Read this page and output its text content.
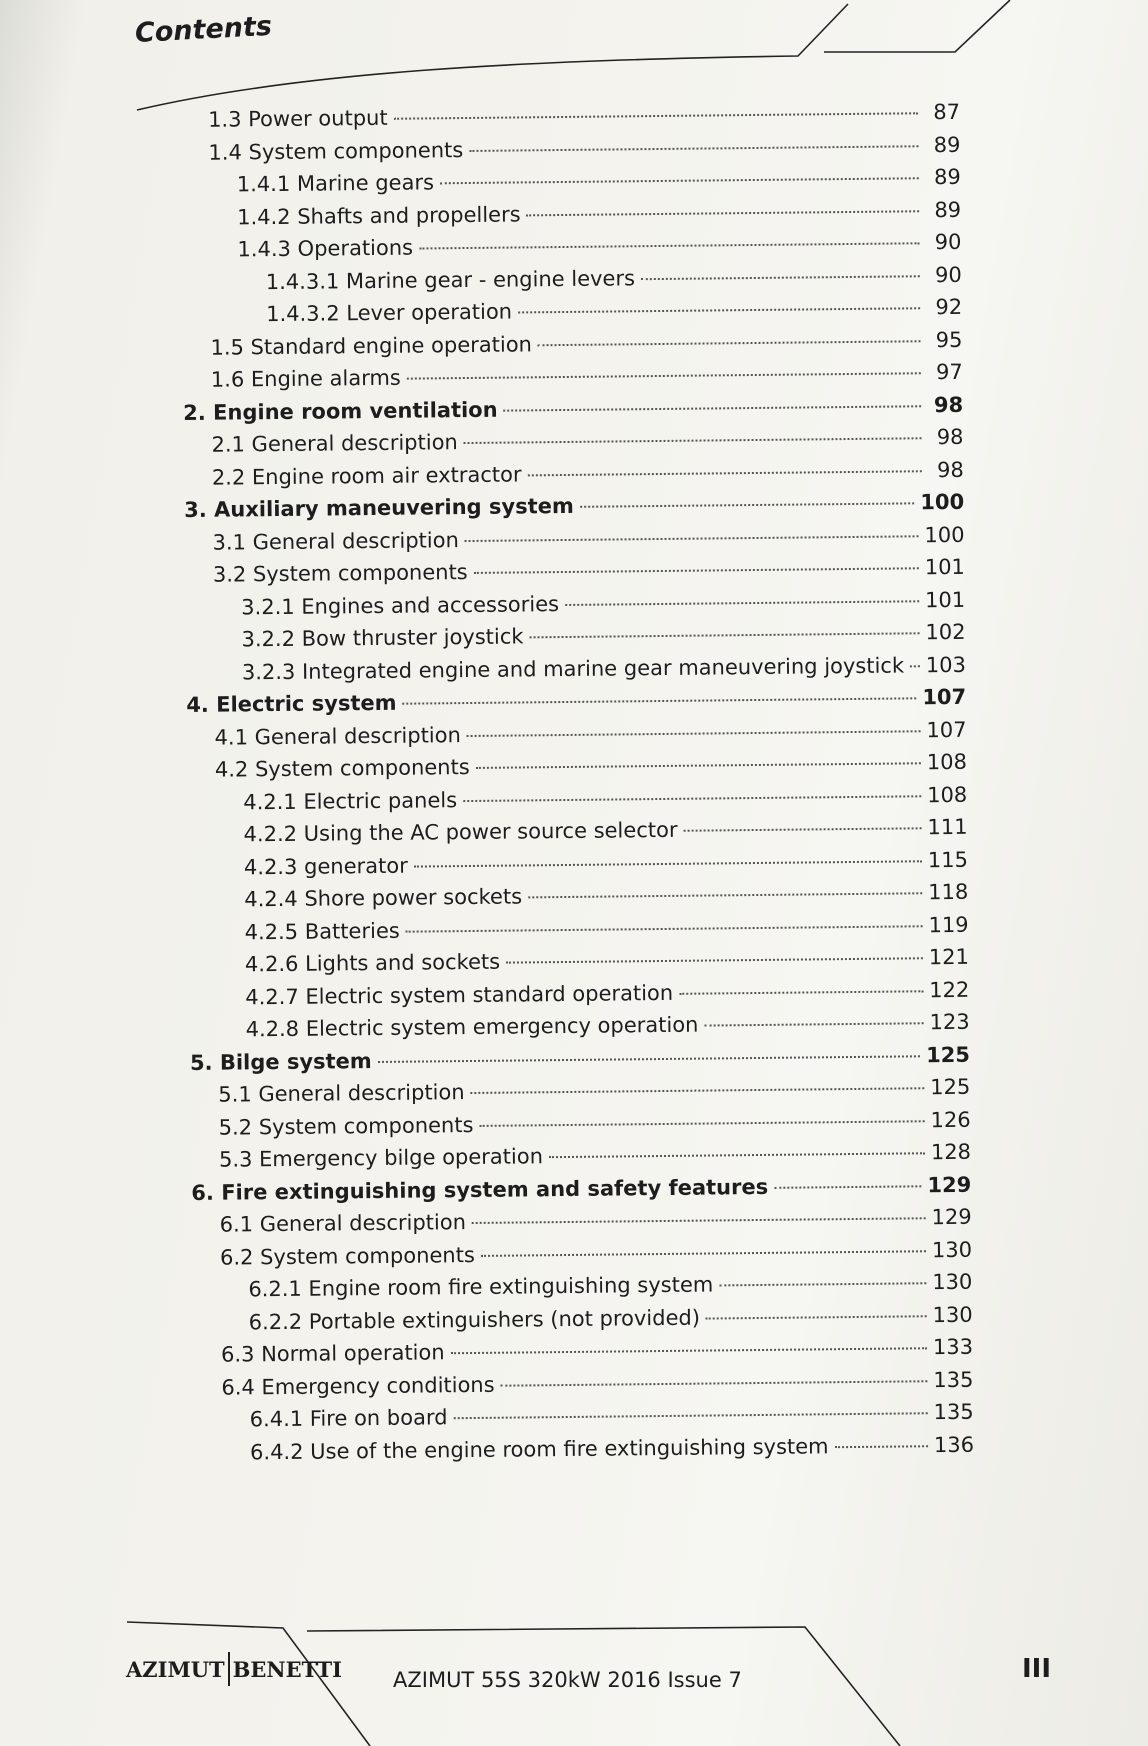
Contents
1.3 Power output	87
1.4 System components	89
1.4.1 Marine gears	89
1.4.2 Shafts and propellers	89
1.4.3 Operations	90
1.4.3.1 Marine gear - engine levers	90
1.4.3.2 Lever operation	92
1.5 Standard engine operation	95
1.6 Engine alarms	97
2. Engine room ventilation	98
2.1 General description	98
2.2 Engine room air extractor	98
3. Auxiliary maneuvering system	100
3.1 General description	100
3.2 System components	101
3.2.1 Engines and accessories	101
3.2.2 Bow thruster joystick	102
3.2.3 Integrated engine and marine gear maneuvering joystick 103
4. Electric system	107
4.1 General description	107
4.2 System components	108
4.2.1 Electric panels	108
4.2.2 Using the AC power source selector	111
4.2.3 generator	115
4.2.4 Shore power sockets	118
4.2.5 Batteries	119
4.2.6 Lights and sockets	121
4.2.7 Electric system standard operation	122
4.2.8 Electric system emergency operation	123
5. Bilge system	125
5.1 General description	125
5.2 System components	126
5.3 Emergency bilge operation	128
6. Fire extinguishing system and safety features	129
6.1 General description	129
6.2 System components	130
6.2.1 Engine room fire extinguishing system	130
6.2.2 Portable extinguishers (not provided)	130
6.3 Normal operation	133
6.4 Emergency conditions	135
6.4.1 Fire on board	135
6.4.2 Use of the engine room fire extinguishing system	136
AZIMUT BENETTI AZIMUT 55S 320kW 2016 Issue 7	III
